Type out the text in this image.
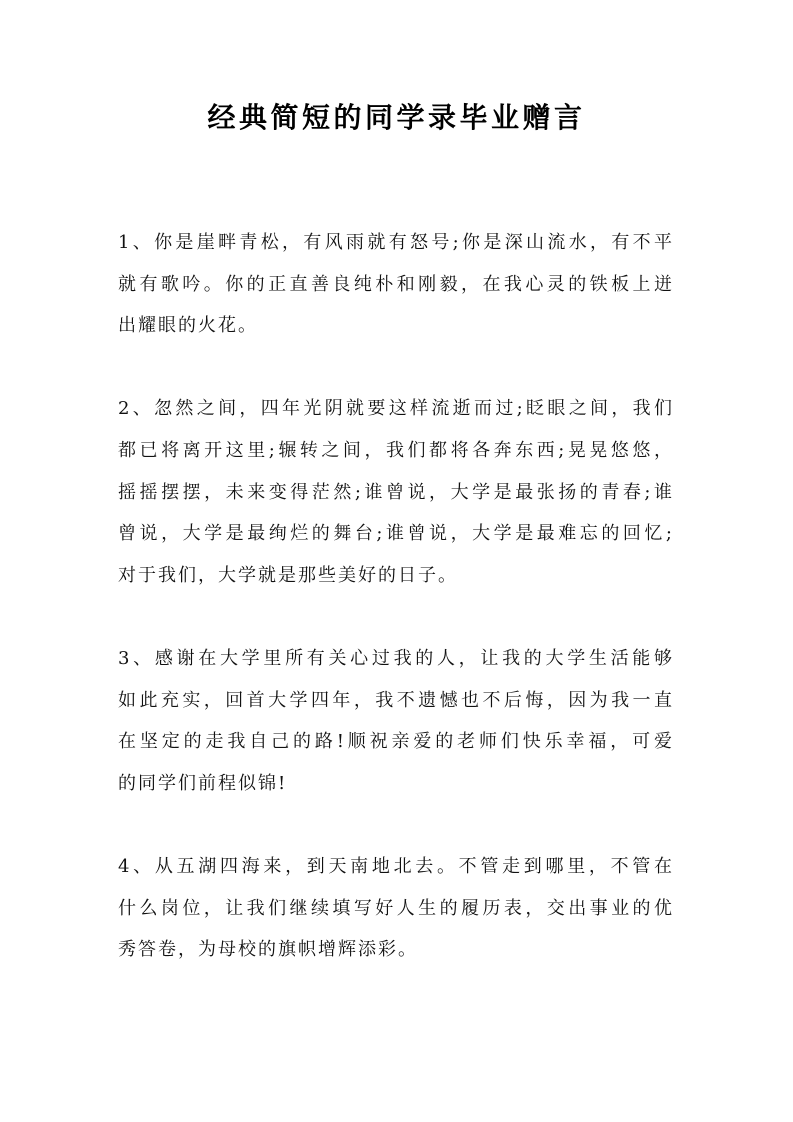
经典简短的同学录毕业赠言
1、你是崖畔青松，有风雨就有怒号;你是深山流水，有不平
就有歌吟。你的正直善良纯朴和刚毅，在我心灵的铁板上迸
出耀眼的火花。
2、忽然之间，四年光阴就要这样流逝而过;眨眼之间，我们
都已将离开这里;辗转之间，我们都将各奔东西;晃晃悠悠，
摇摇摆摆，未来变得茫然;谁曾说，大学是最张扬的青春;谁
曾说，大学是最绚烂的舞台;谁曾说，大学是最难忘的回忆;
对于我们，大学就是那些美好的日子。
3、感谢在大学里所有关心过我的人，让我的大学生活能够
如此充实，回首大学四年，我不遗憾也不后悔，因为我一直
在坚定的走我自己的路!顺祝亲爱的老师们快乐幸福，可爱
的同学们前程似锦!
4、从五湖四海来，到天南地北去。不管走到哪里，不管在
什么岗位，让我们继续填写好人生的履历表，交出事业的优
秀答卷，为母校的旗帜增辉添彩。
